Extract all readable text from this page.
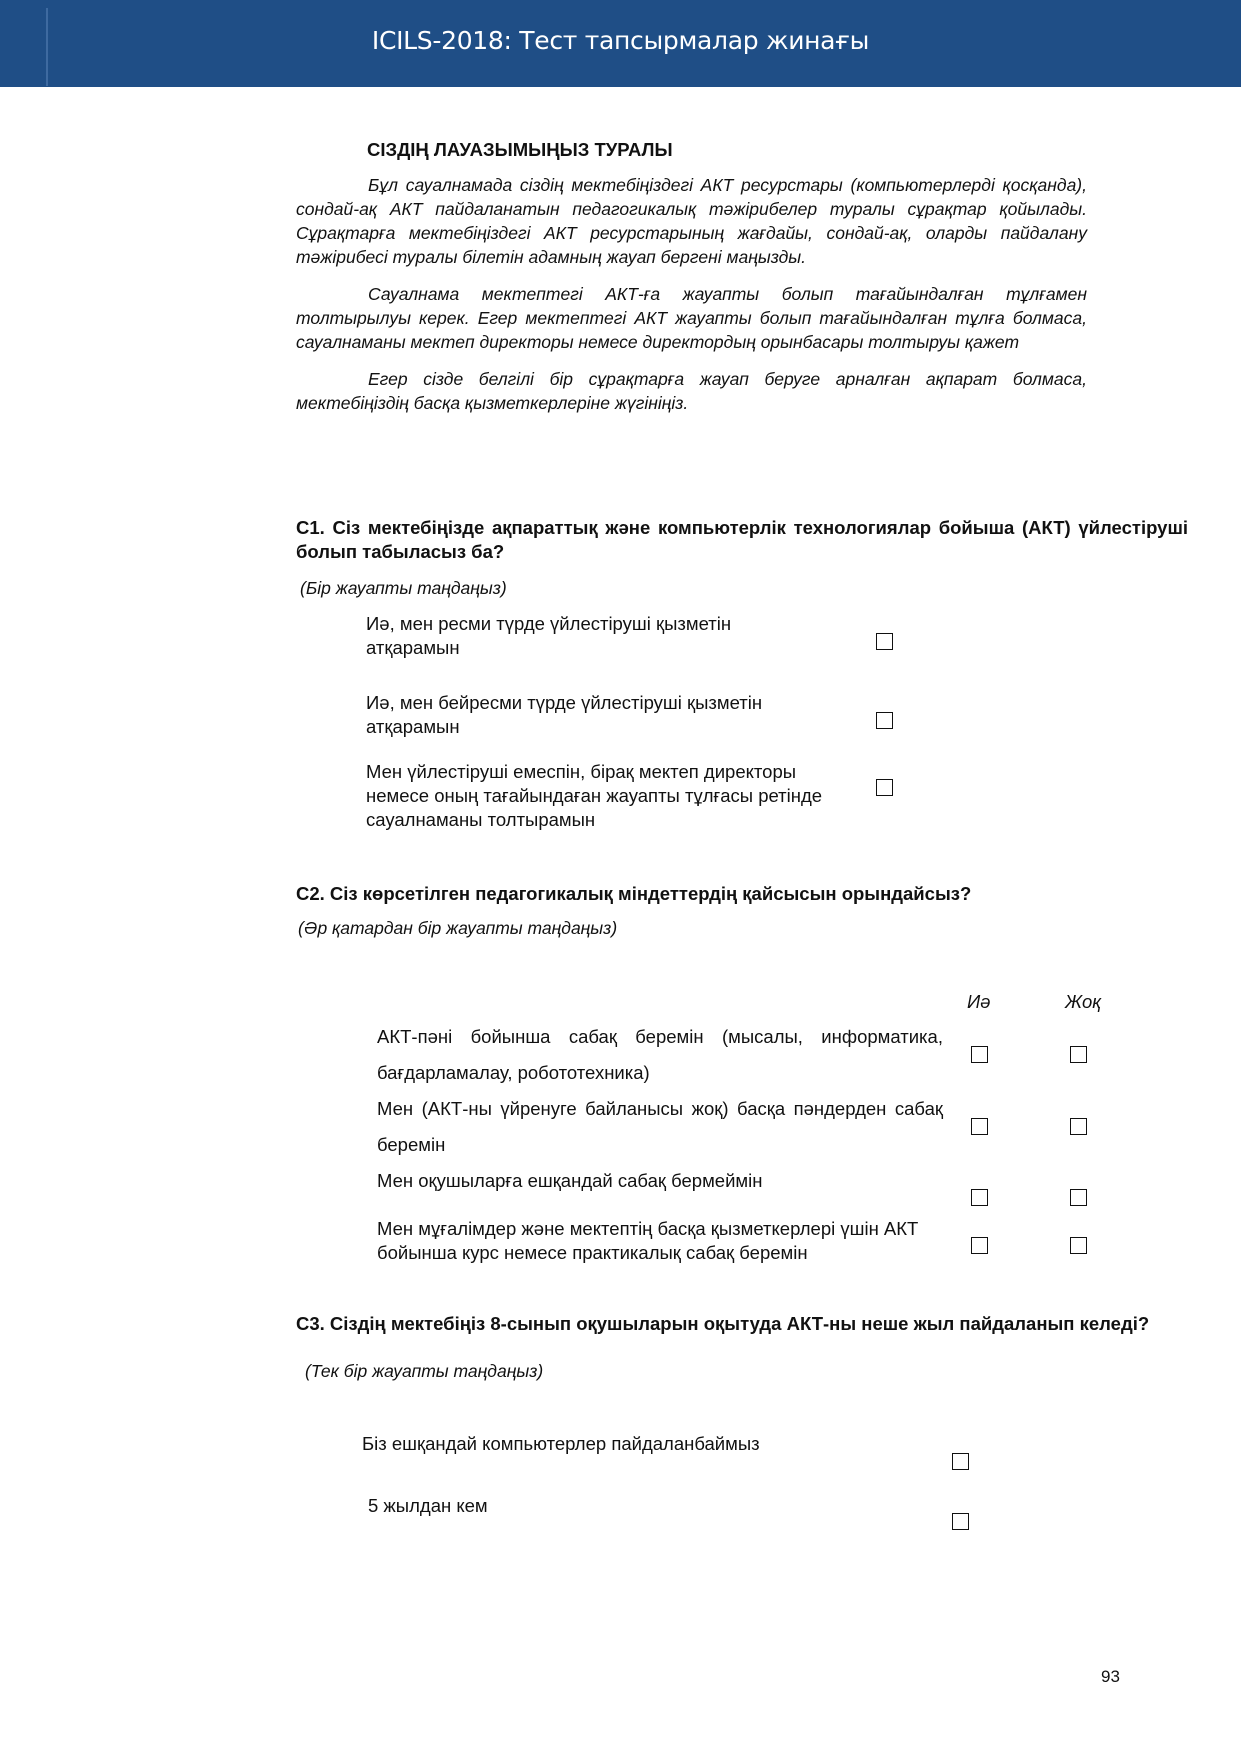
ICILS-2018: Тест тапсырмалар жинағы
СІЗДІҢ ЛАУАЗЫМЫҢЫЗ ТУРАЛЫ

Бұл сауалнамада сіздің мектебіңіздегі АКТ ресурстары (компьютерлерді қосқанда), сондай-ақ АКТ пайдаланатын педагогикалық тәжірибелер туралы сұрақтар қойылады. Сұрақтарға мектебіңіздегі АКТ ресурстарының жағдайы, сондай-ақ, оларды пайдалану тәжірибесі туралы білетін адамның жауап бергені маңызды.

Сауалнама мектептегі АКТ-ға жауапты болып тағайындалған тұлғамен толтырылуы керек. Егер мектептегі АКТ жауапты болып тағайындалған тұлға болмаса, сауалнаманы мектеп директоры немесе директордың орынбасары толтыруы қажет

Егер сізде белгілі бір сұрақтарға жауап беруге арналған ақпарат болмаса, мектебіңіздің басқа қызметкерлеріне жүгініңіз.

C1. Сіз мектебіңізде ақпараттық және компьютерлік технологиялар бойыша (АКТ) үйлестіруші болып табыласыз ба?
(Бір жауапты таңдаңыз)
Иә, мен ресми түрде үйлестіруші қызметін атқарамын
Иә, мен бейресми түрде үйлестіруші қызметін атқарамын
Мен үйлестіруші емеспін, бірақ мектеп директоры немесе оның тағайындаған жауапты тұлғасы ретінде сауалнаманы толтырамын
C2. Сіз көрсетілген педагогикалық міндеттердің қайсысын орындайсыз?
(Әр қатардан бір жауапты таңдаңыз)
Иә	Жоқ
АКТ-пәні бойынша сабақ беремін (мысалы, информатика, бағдарламалау, робототехника)
Мен (АКТ-ны үйренуге байланысы жоқ) басқа пәндерден сабақ беремін
Мен оқушыларға ешқандай сабақ бермеймін
Мен мұғалімдер және мектептің басқа қызметкерлері үшін АКТ бойынша курс немесе практикалық сабақ беремін
C3. Сіздің мектебіңіз 8-сынып оқушыларын оқытуда АКТ-ны неше жыл пайдаланып келеді?
(Тек бір жауапты таңдаңыз)
Біз ешқандай компьютерлер пайдаланбаймыз
5 жылдан кем
93
